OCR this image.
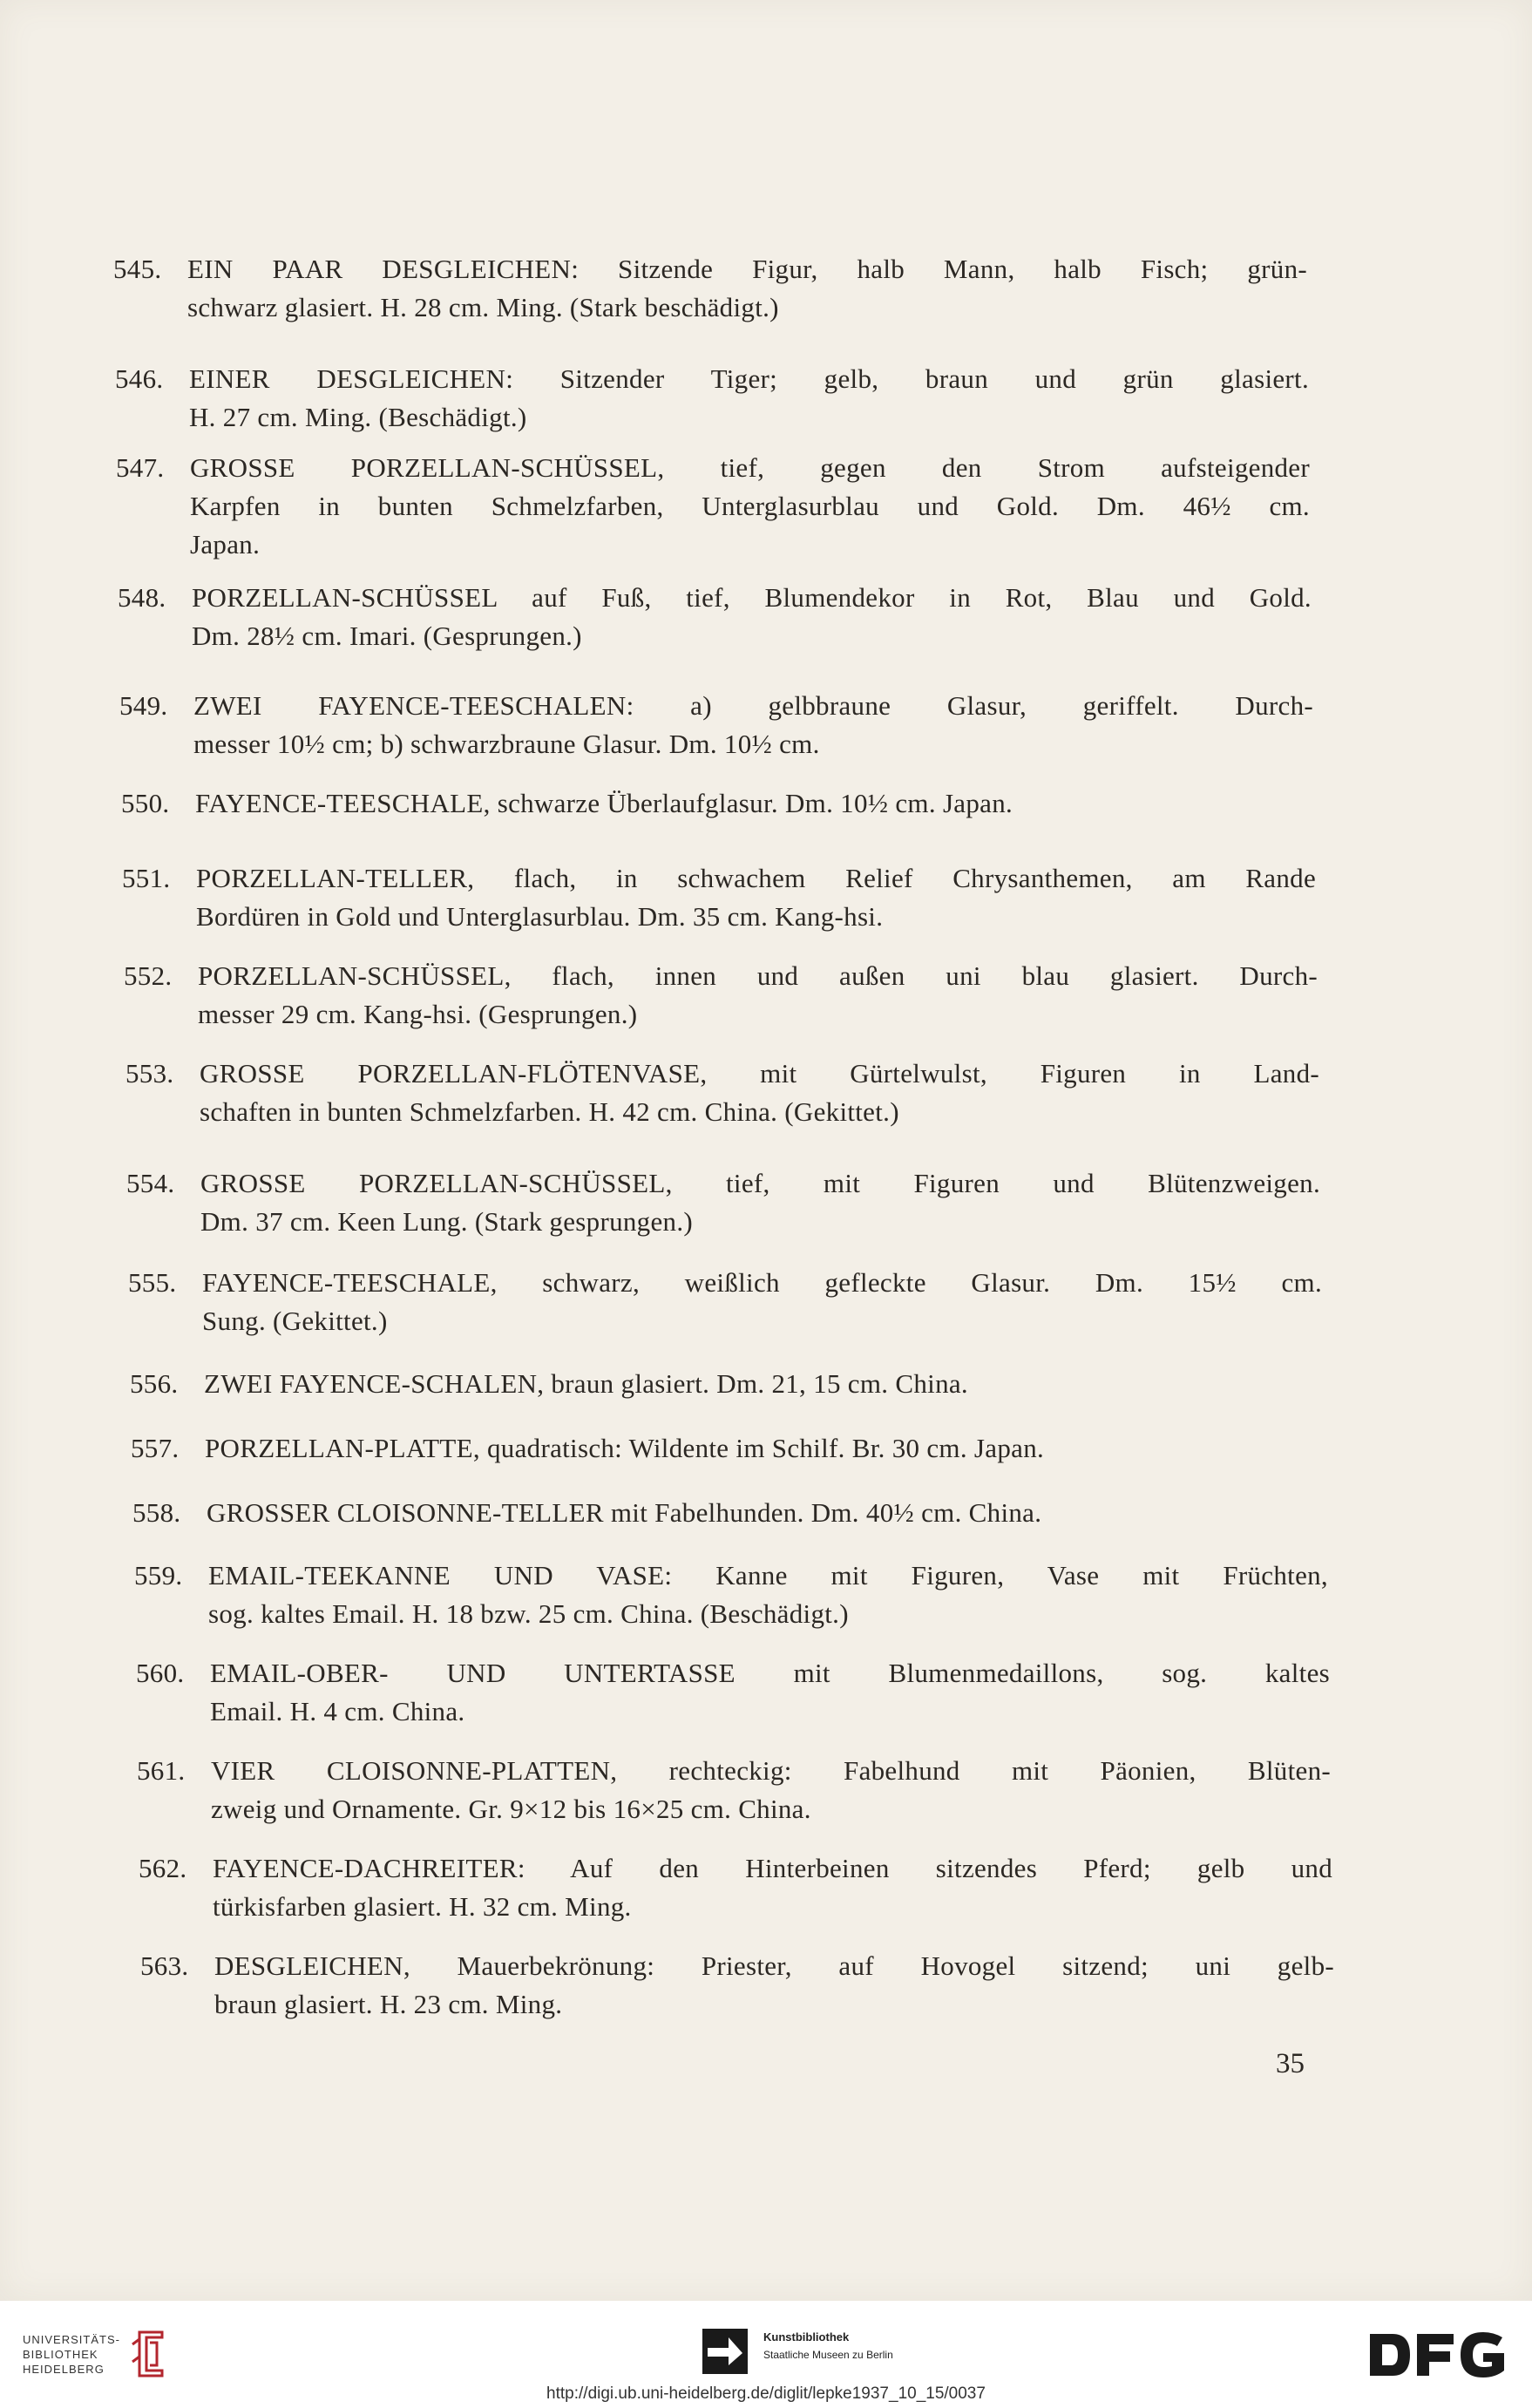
545. EIN PAAR DESGLEICHEN: Sitzende Figur, halb Mann, halb Fisch; grün-
schwarz glasiert. H. 28 cm. Ming. (Stark beschädigt.)
546. EINER DESGLEICHEN: Sitzender Tiger; gelb, braun und grün glasiert.
H. 27 cm. Ming. (Beschädigt.)
547. GROSSE PORZELLAN-SCHÜSSEL, tief, gegen den Strom aufsteigender
Karpfen in bunten Schmelzfarben, Unterglasurblau und Gold. Dm. 46½ cm.
Japan.
548. PORZELLAN-SCHÜSSEL auf Fuß, tief, Blumendekor in Rot, Blau und Gold.
Dm. 28½ cm. Imari. (Gesprungen.)
549. ZWEI FAYENCE-TEESCHALEN: a) gelbbraune Glasur, geriffelt. Durch-
messer 10½ cm; b) schwarzbraune Glasur. Dm. 10½ cm.
550. FAYENCE-TEESCHALE, schwarze Überlaufglasur. Dm. 10½ cm. Japan.
551. PORZELLAN-TELLER, flach, in schwachem Relief Chrysanthemen, am Rande
Bordüren in Gold und Unterglasurblau. Dm. 35 cm. Kang-hsi.
552. PORZELLAN-SCHÜSSEL, flach, innen und außen uni blau glasiert. Durch-
messer 29 cm. Kang-hsi. (Gesprungen.)
553. GROSSE PORZELLAN-FLÖTENVASE, mit Gürtelwulst, Figuren in Land-
schaften in bunten Schmelzfarben. H. 42 cm. China. (Gekittet.)
554. GROSSE PORZELLAN-SCHÜSSEL, tief, mit Figuren und Blütenzweigen.
Dm. 37 cm. Keen Lung. (Stark gesprungen.)
555. FAYENCE-TEESCHALE, schwarz, weißlich gefleckte Glasur. Dm. 15½ cm.
Sung. (Gekittet.)
556. ZWEI FAYENCE-SCHALEN, braun glasiert. Dm. 21, 15 cm. China.
557. PORZELLAN-PLATTE, quadratisch: Wildente im Schilf. Br. 30 cm. Japan.
558. GROSSER CLOISONNE-TELLER mit Fabelhunden. Dm. 40½ cm. China.
559. EMAIL-TEEKANNE UND VASE: Kanne mit Figuren, Vase mit Früchten,
sog. kaltes Email. H. 18 bzw. 25 cm. China. (Beschädigt.)
560. EMAIL-OBER- UND UNTERTASSE mit Blumenmedaillons, sog. kaltes
Email. H. 4 cm. China.
561. VIER CLOISONNE-PLATTEN, rechteckig: Fabelhund mit Päonien, Blüten-
zweig und Ornamente. Gr. 9×12 bis 16×25 cm. China.
562. FAYENCE-DACHREITER: Auf den Hinterbeinen sitzendes Pferd; gelb und
türkisfarben glasiert. H. 32 cm. Ming.
563. DESGLEICHEN, Mauerbekrönung: Priester, auf Hovogel sitzend; uni gelb-
braun glasiert. H. 23 cm. Ming.
35
UNIVERSITÄTS-
BIBLIOTHEK
HEIDELBERG
Kunstbibliothek
Staatliche Museen zu Berlin
http://digi.ub.uni-heidelberg.de/diglit/lepke1937_10_15/0037
